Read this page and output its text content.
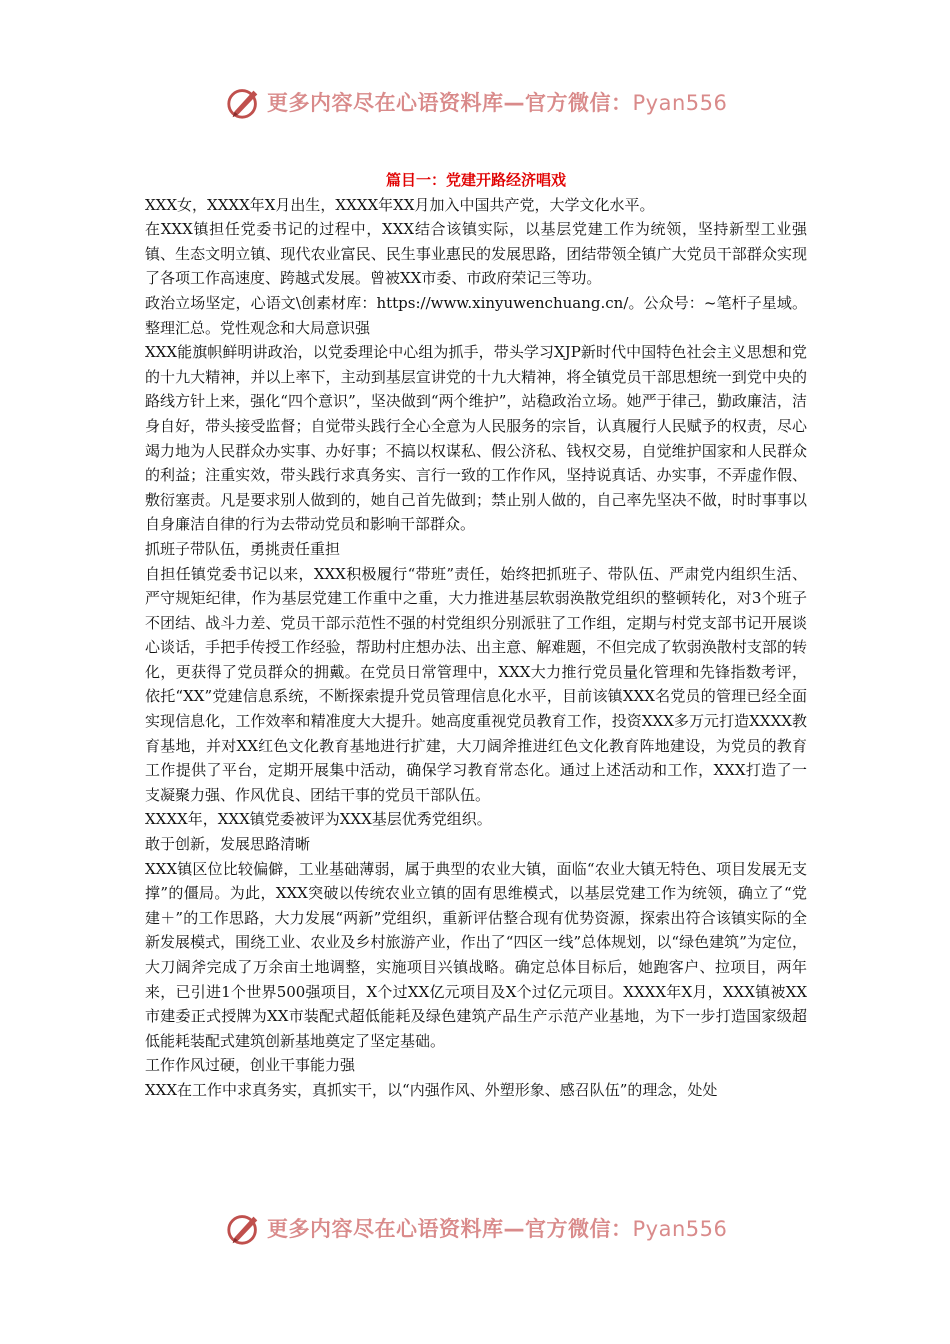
更多内容尽在心语资料库—官方微信：Pyan556
篇目一：党建开路经济唱戏

XXX女，XXXX年X月出生，XXXX年XX月加入中国共产党，大学文化水平。

在XXX镇担任党委书记的过程中，XXX结合该镇实际，以基层党建工作为统领，坚持新型工业强镇、生态文明立镇、现代农业富民、民生事业惠民的发展思路，团结带领全镇广大党员干部群众实现了各项工作高速度、跨越式发展。曾被XX市委、市政府荣记三等功。

政治立场坚定，心语文\创素材库：https://www.xinyuwenchuang.cn/。公众号：~笔杆子星域。整理汇总。党性观念和大局意识强

XXX能旗帜鲜明讲政治，以党委理论中心组为抓手，带头学习XJP新时代中国特色社会主义思想和党的十九大精神，并以上率下，主动到基层宣讲党的十九大精神，将全镇党员干部思想统一到党中央的路线方针上来，强化“四个意识”，坚决做到“两个维护”，站稳政治立场。她严于律己，勤政廉洁，洁身自好，带头接受监督；自觉带头践行全心全意为人民服务的宗旨，认真履行人民赋予的权责，尽心竭力地为人民群众办实事、办好事；不搞以权谋私、假公济私、钱权交易，自觉维护国家和人民群众的利益；注重实效，带头践行求真务实、言行一致的工作作风，坚持说真话、办实事，不弄虚作假、敷衍塞责。凡是要求别人做到的，她自己首先做到；禁止别人做的，自己率先坚决不做，时时事事以自身廉洁自律的行为去带动党员和影响干部群众。

抓班子带队伍，勇挑责任重担

自担任镇党委书记以来，XXX积极履行“带班”责任，始终把抓班子、带队伍、严肃党内组织生活、严守规矩纪律，作为基层党建工作重中之重，大力推进基层软弱涣散党组织的整顿转化，对3个班子不团结、战斗力差、党员干部示范性不强的村党组织分别派驻了工作组，定期与村党支部书记开展谈心谈话，手把手传授工作经验，帮助村庄想办法、出主意、解难题，不但完成了软弱涣散村支部的转化，更获得了党员群众的拥戴。在党员日常管理中，XXX大力推行党员量化管理和先锋指数考评，依托“XX”党建信息系统，不断探索提升党员管理信息化水平，目前该镇XXX名党员的管理已经全面实现信息化，工作效率和精准度大大提升。她高度重视党员教育工作，投资XXX多万元打造XXXX教育基地，并对XX红色文化教育基地进行扩建，大刀阔斧推进红色文化教育阵地建设，为党员的教育工作提供了平台，定期开展集中活动，确保学习教育常态化。通过上述活动和工作，XXX打造了一支凝聚力强、作风优良、团结干事的党员干部队伍。

XXXX年，XXX镇党委被评为XXX基层优秀党组织。

敢于创新，发展思路清晰

XXX镇区位比较偏僻，工业基础薄弱，属于典型的农业大镇，面临“农业大镇无特色、项目发展无支撑”的僵局。为此，XXX突破以传统农业立镇的固有思维模式，以基层党建工作为统领，确立了“党建＋”的工作思路，大力发展“两新”党组织，重新评估整合现有优势资源，探索出符合该镇实际的全新发展模式，围绕工业、农业及乡村旅游产业，作出了“四区一线”总体规划，以“绿色建筑”为定位，大刀阔斧完成了万余亩土地调整，实施项目兴镇战略。确定总体目标后，她跑客户、拉项目，两年来，已引进1个世界500强项目，X个过XX亿元项目及X个过亿元项目。XXXX年X月，XXX镇被XX市建委正式授牌为XX市装配式超低能耗及绿色建筑产品生产示范产业基地，为下一步打造国家级超低能耗装配式建筑创新基地奠定了坚定基础。

工作作风过硬，创业干事能力强

XXX在工作中求真务实，真抓实干，以“内强作风、外塑形象、感召队伍”的理念，处处

更多内容尽在心语资料库—官方微信：Pyan556
